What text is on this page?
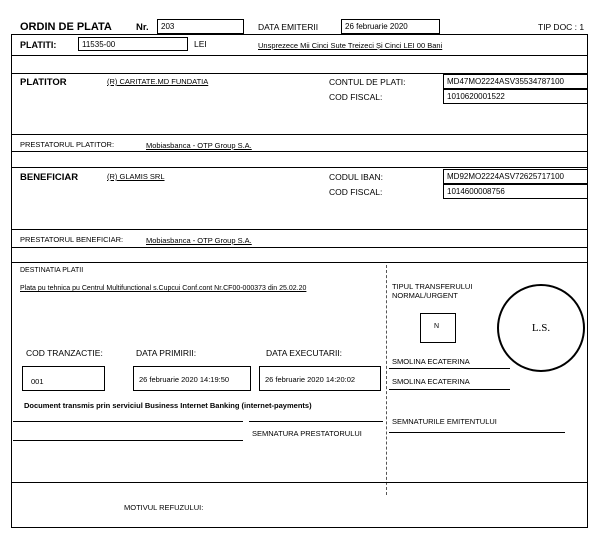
ORDIN DE PLATA	Nr. 203	DATA EMITERII	26 februarie 2020	TIP DOC : 1
PLATITI:	11535-00	LEI	Unsprezece Mii Cinci Sute Treizeci Și Cinci LEI 00 Bani
PLATITOR	(R) CARITATE.MD FUNDATIA	CONTUL DE PLATI:	MD47MO2224ASV35534787100
COD FISCAL:	1010620001522
PRESTATORUL PLATITOR:	Mobiasbanca - OTP Group S.A.
BENEFICIAR	(R) GLAMIS SRL	CODUL IBAN:	MD92MO2224ASV72625717100
COD FISCAL:	1014600008756
PRESTATORUL BENEFICIAR:	Mobiasbanca - OTP Group S.A.
DESTINATIA PLATII
Plata pu tehnica pu Centrul Multifunctional s.Cupcui Conf.cont Nr.CF00-000373 din 25.02.20	TIPUL TRANSFERULUI
NORMAL/URGENT
N	L.S.
COD TRANZACTIE:	DATA PRIMIRII:	DATA EXECUTARII:
001	26 februarie 2020 14:19:50	26 februarie 2020 14:20:02
SMOLINA ECATERINA
SMOLINA ECATERINA
Document transmis prin serviciul Business Internet Banking (internet-payments)
SEMNATURA PRESTATORULUI
SEMNATURILE EMITENTULUI
MOTIVUL REFUZULUI:
